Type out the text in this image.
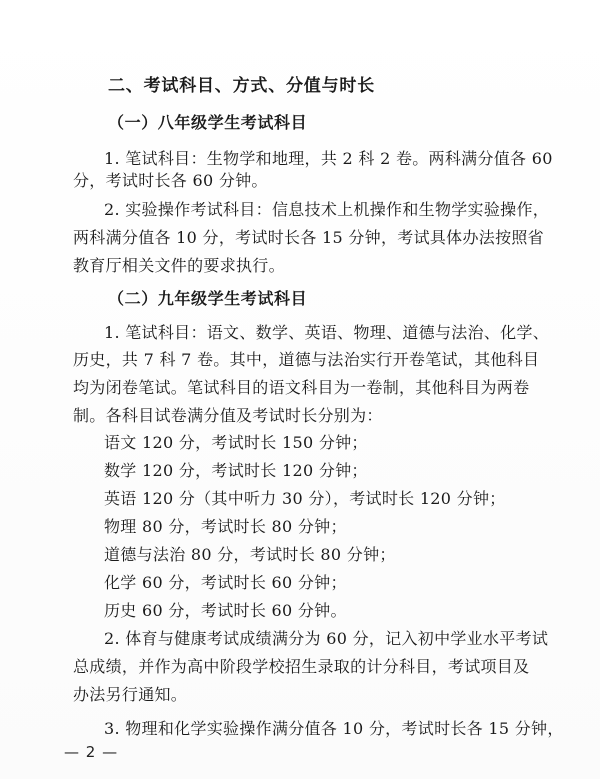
二、考试科目、方式、分值与时长
（一）八年级学生考试科目
1. 笔试科目：生物学和地理，共 2 科 2 卷。两科满分值各 60
分，考试时长各 60 分钟。
2. 实验操作考试科目：信息技术上机操作和生物学实验操作，
两科满分值各 10 分，考试时长各 15 分钟，考试具体办法按照省
教育厅相关文件的要求执行。
（二）九年级学生考试科目
1. 笔试科目：语文、数学、英语、物理、道德与法治、化学、
历史，共 7 科 7 卷。其中，道德与法治实行开卷笔试，其他科目
均为闭卷笔试。笔试科目的语文科目为一卷制，其他科目为两卷
制。各科目试卷满分值及考试时长分别为：
语文 120 分，考试时长 150 分钟；
数学 120 分，考试时长 120 分钟；
英语 120 分（其中听力 30 分），考试时长 120 分钟；
物理 80 分，考试时长 80 分钟；
道德与法治 80 分，考试时长 80 分钟；
化学 60 分，考试时长 60 分钟；
历史 60 分，考试时长 60 分钟。
2. 体育与健康考试成绩满分为 60 分，记入初中学业水平考试
总成绩，并作为高中阶段学校招生录取的计分科目，考试项目及
办法另行通知。
3. 物理和化学实验操作满分值各 10 分，考试时长各 15 分钟，
— 2 —
